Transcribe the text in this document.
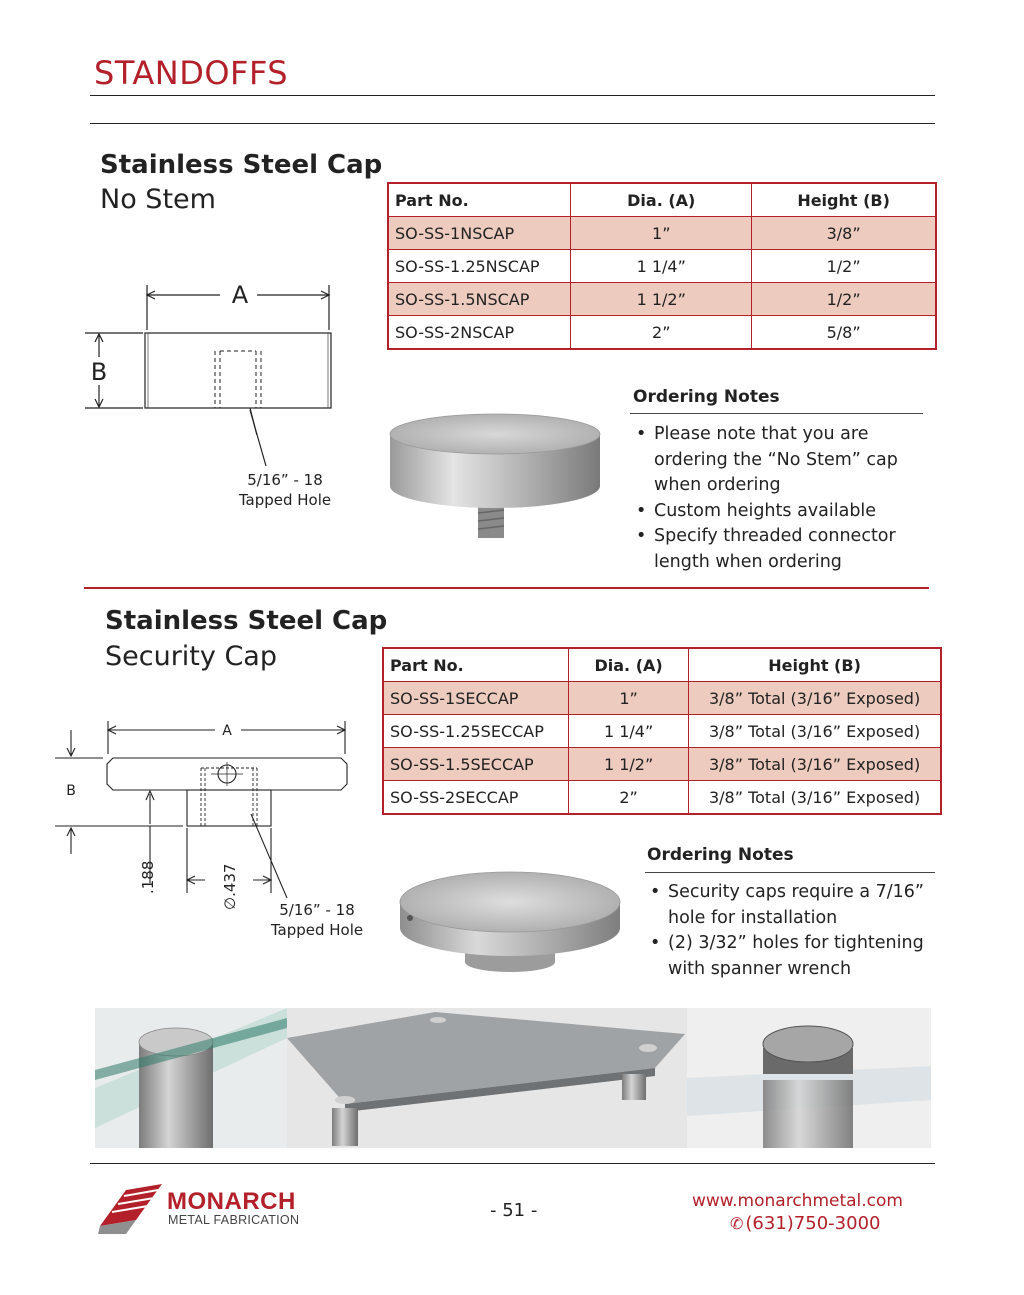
STANDOFFS
Stainless Steel Cap
No Stem	Part No.	Dia. (A)	Height (B)
SO-SS-1NSCAP	1”	3/8”
SO-SS-1.25NSCAP	1 1/4”	1/2”
SO-SS-1.5NSCAP	1 1/2”	1/2”
SO-SS-2NSCAP	2”	5/8”
A
B
5/16” - 18
Tapped Hole
Ordering Notes
• Please note that you are ordering the “No Stem” cap when ordering
• Custom heights available
• Specify threaded connector length when ordering
Stainless Steel Cap
Security Cap	Part No.	Dia. (A)	Height (B)
SO-SS-1SECCAP	1”	3/8” Total (3/16” Exposed)
SO-SS-1.25SECCAP	1 1/4”	3/8” Total (3/16” Exposed)
SO-SS-1.5SECCAP	1 1/2”	3/8” Total (3/16” Exposed)
SO-SS-2SECCAP	2”	3/8” Total (3/16” Exposed)
A
B
.188	∅.437	5/16” - 18
Tapped Hole
Ordering Notes
• Security caps require a 7/16” hole for installation
• (2) 3/32” holes for tightening with spanner wrench
MONARCH
METAL FABRICATION	- 51 -	www.monarchmetal.com
✆ (631)750-3000
